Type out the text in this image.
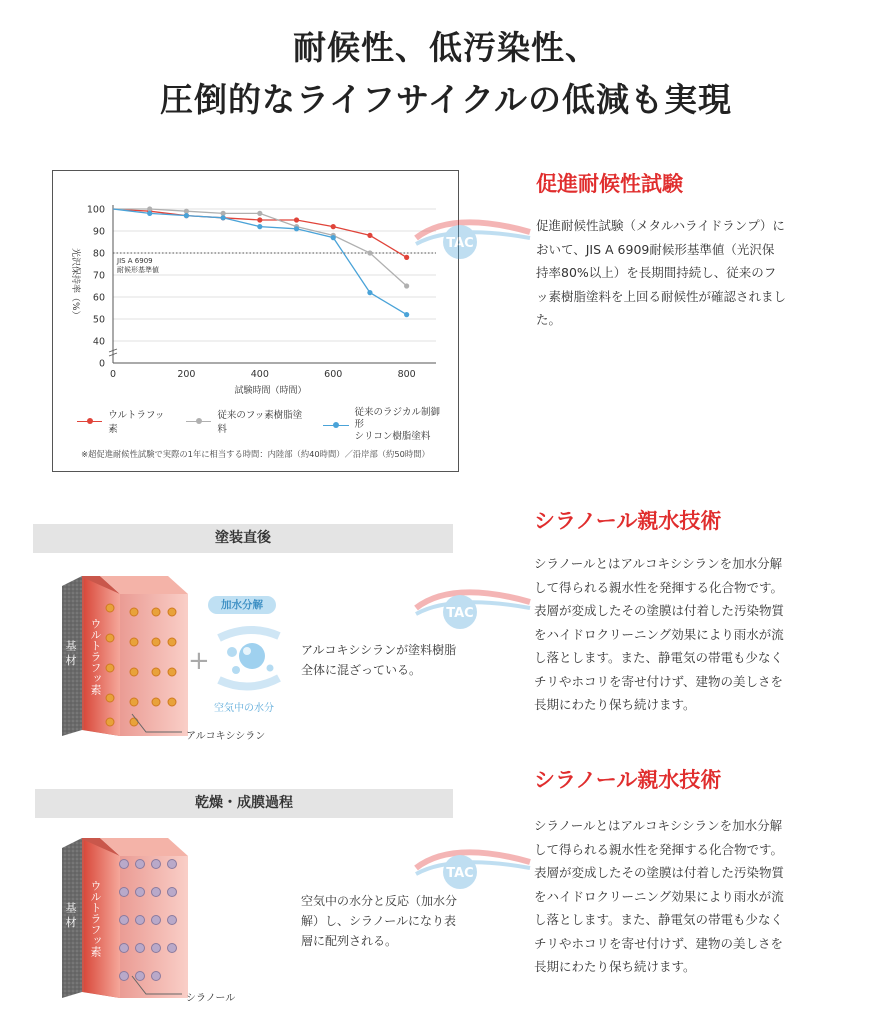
耐候性、低汚染性、
圧倒的なライフサイクルの低減も実現
0
40
50
60
70
80
90
100
0	200	400	600	800
JIS A 6909
耐候形基準値
光沢保持率（%）
試験時間（時間）
ウルトラフッ素
従来のフッ素樹脂塗料
従来のラジカル制御形
シリコン樹脂塗料
※超促進耐候性試験で実際の1年に相当する時間：内陸部（約40時間）／沿岸部（約50時間）
促進耐候性試験
促進耐候性試験（メタルハライドランプ）において、JIS A 6909耐候形基準値（光沢保持率80%以上）を長期間持続し、従来のフッ素樹脂塗料を上回る耐候性が確認されました。
TAC
TAC
TAC
シラノール親水技術
シラノールとはアルコキシシランを加水分解して得られる親水性を発揮する化合物です。表層が変成したその塗膜は付着した汚染物質をハイドロクリーニング効果により雨水が流し落とします。また、静電気の帯電も少なくチリやホコリを寄せ付けず、建物の美しさを長期にわたり保ち続けます。
シラノール親水技術
シラノールとはアルコキシシランを加水分解して得られる親水性を発揮する化合物です。表層が変成したその塗膜は付着した汚染物質をハイドロクリーニング効果により雨水が流し落とします。また、静電気の帯電も少なくチリやホコリを寄せ付けず、建物の美しさを長期にわたり保ち続けます。
塗装直後
基 材 ウルトラフッ素	+
加水分解
空気中の水分
アルコキシシラン
アルコキシシランが塗料樹脂全体に混ざっている。
乾燥・成膜過程
基 材 ウルトラフッ素
シラノール
空気中の水分と反応（加水分解）し、シラノールになり表層に配列される。
